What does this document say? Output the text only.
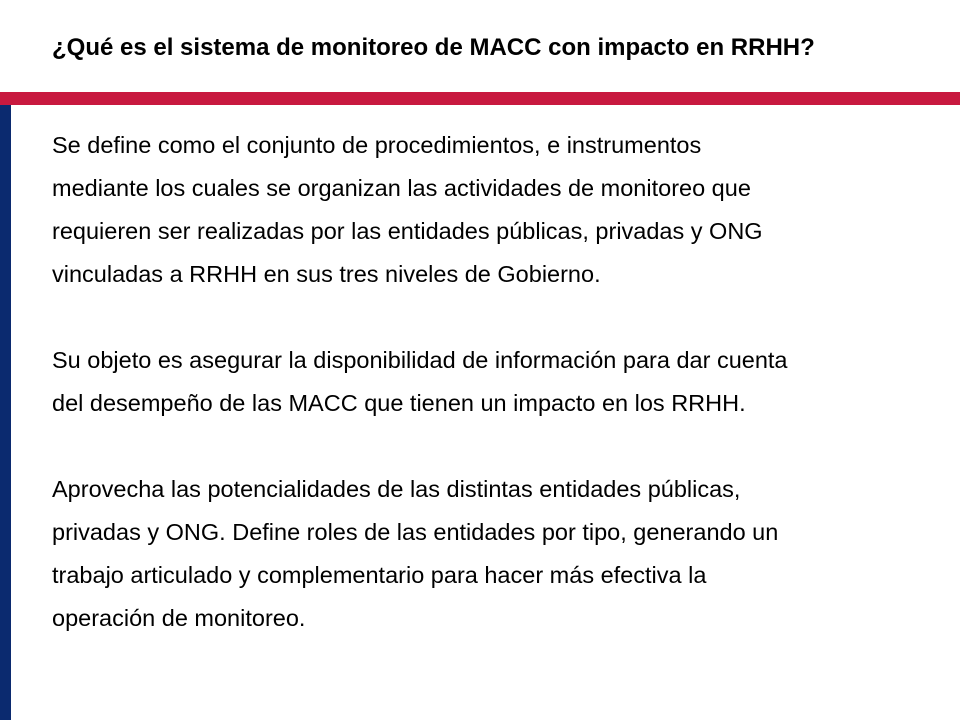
¿Qué es el sistema de monitoreo de MACC con impacto en RRHH?

Se define como el conjunto de procedimientos, e instrumentos
mediante los cuales se organizan las actividades de monitoreo que
requieren ser realizadas por las entidades públicas, privadas y ONG
vinculadas a RRHH en sus tres niveles de Gobierno.

Su objeto es asegurar la disponibilidad de información para dar cuenta
del desempeño de las MACC que tienen un impacto en los RRHH.

Aprovecha las potencialidades de las distintas entidades públicas,
privadas y ONG. Define roles de las entidades por tipo, generando un
trabajo articulado y complementario para hacer más efectiva la
operación de monitoreo.
